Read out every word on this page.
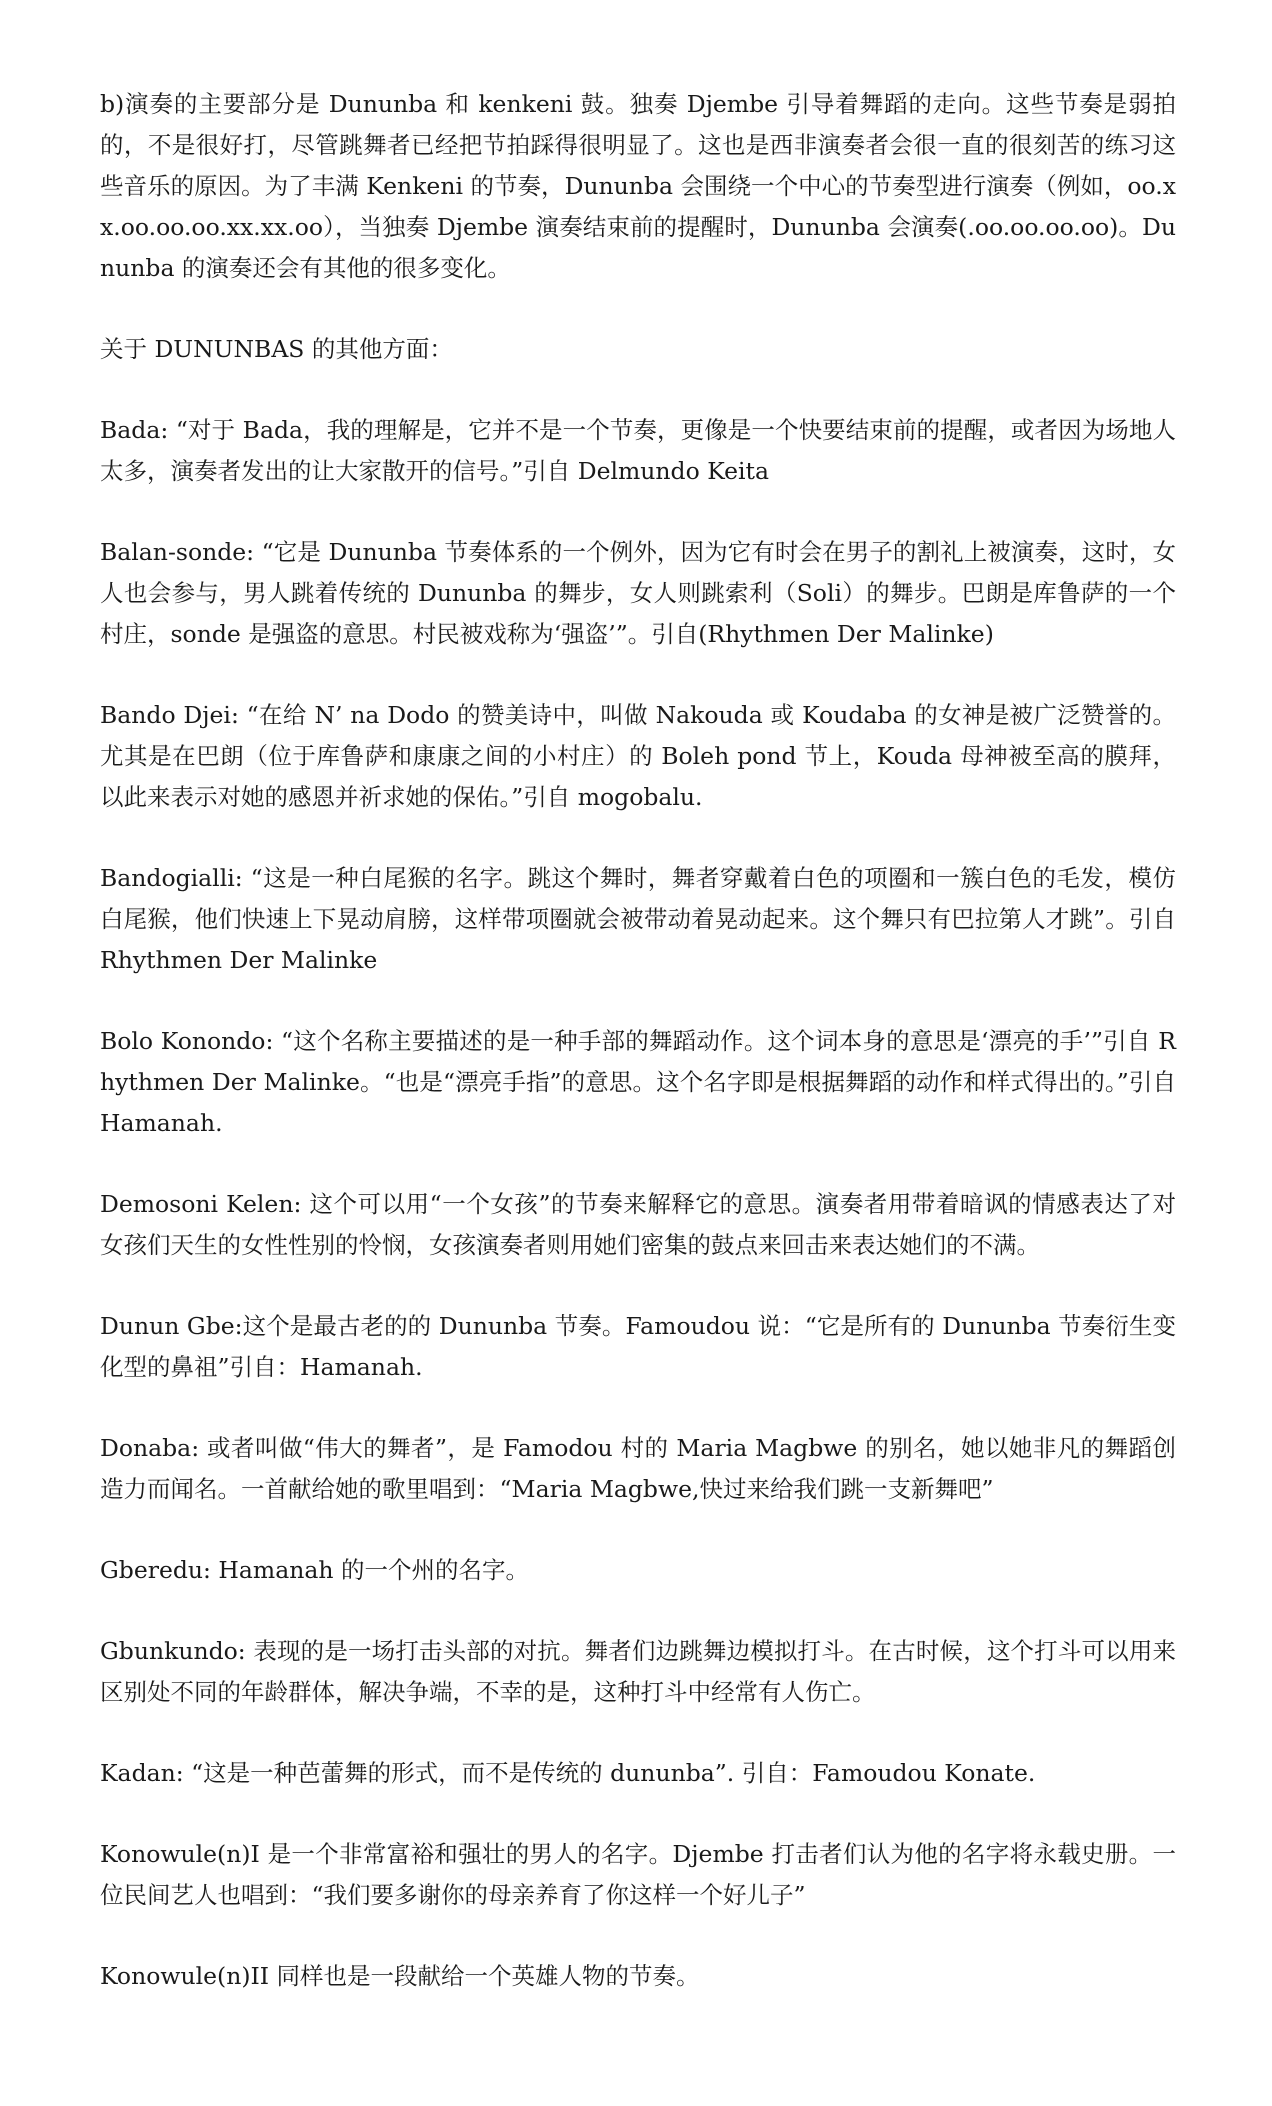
b)演奏的主要部分是 Dununba 和 kenkeni 鼓。独奏 Djembe 引导着舞蹈的走向。这些节奏是弱拍的，不是很好打，尽管跳舞者已经把节拍踩得很明显了。这也是西非演奏者会很一直的很刻苦的练习这些音乐的原因。为了丰满 Kenkeni 的节奏，Dununba 会围绕一个中心的节奏型进行演奏（例如，oo.xx.oo.oo.oo.xx.xx.oo），当独奏 Djembe 演奏结束前的提醒时，Dununba 会演奏(.oo.oo.oo.oo)。Dununba 的演奏还会有其他的很多变化。

关于 DUNUNBAS 的其他方面：

Bada: “对于 Bada，我的理解是，它并不是一个节奏，更像是一个快要结束前的提醒，或者因为场地人太多，演奏者发出的让大家散开的信号。”引自 Delmundo Keita

Balan-sonde: “它是 Dununba 节奏体系的一个例外，因为它有时会在男子的割礼上被演奏，这时，女人也会参与，男人跳着传统的 Dununba 的舞步，女人则跳索利（Soli）的舞步。巴朗是库鲁萨的一个村庄，sonde 是强盗的意思。村民被戏称为‘强盗’”。引自(Rhythmen Der Malinke)

Bando Djei: “在给 N’ na Dodo 的赞美诗中，叫做 Nakouda 或 Koudaba 的女神是被广泛赞誉的。尤其是在巴朗（位于库鲁萨和康康之间的小村庄）的 Boleh pond 节上，Kouda 母神被至高的膜拜，以此来表示对她的感恩并祈求她的保佑。”引自 mogobalu.

Bandogialli: “这是一种白尾猴的名字。跳这个舞时，舞者穿戴着白色的项圈和一簇白色的毛发，模仿白尾猴，他们快速上下晃动肩膀，这样带项圈就会被带动着晃动起来。这个舞只有巴拉第人才跳”。引自 Rhythmen Der Malinke

Bolo Konondo: “这个名称主要描述的是一种手部的舞蹈动作。这个词本身的意思是‘漂亮的手’”引自 Rhythmen Der Malinke。“也是“漂亮手指”的意思。这个名字即是根据舞蹈的动作和样式得出的。”引自 Hamanah.

Demosoni Kelen: 这个可以用“一个女孩”的节奏来解释它的意思。演奏者用带着暗讽的情感表达了对女孩们天生的女性性别的怜悯，女孩演奏者则用她们密集的鼓点来回击来表达她们的不满。

Dunun Gbe:这个是最古老的的 Dununba 节奏。Famoudou 说：“它是所有的 Dununba 节奏衍生变化型的鼻祖”引自：Hamanah.

Donaba: 或者叫做“伟大的舞者”，是 Famodou 村的 Maria Magbwe 的别名，她以她非凡的舞蹈创造力而闻名。一首献给她的歌里唱到：“Maria Magbwe,快过来给我们跳一支新舞吧”

Gberedu: Hamanah 的一个州的名字。

Gbunkundo: 表现的是一场打击头部的对抗。舞者们边跳舞边模拟打斗。在古时候，这个打斗可以用来区别处不同的年龄群体，解决争端，不幸的是，这种打斗中经常有人伤亡。

Kadan: “这是一种芭蕾舞的形式，而不是传统的 dununba”. 引自：Famoudou Konate.

Konowule(n)I 是一个非常富裕和强壮的男人的名字。Djembe 打击者们认为他的名字将永载史册。一位民间艺人也唱到：“我们要多谢你的母亲养育了你这样一个好儿子”

Konowule(n)II 同样也是一段献给一个英雄人物的节奏。
